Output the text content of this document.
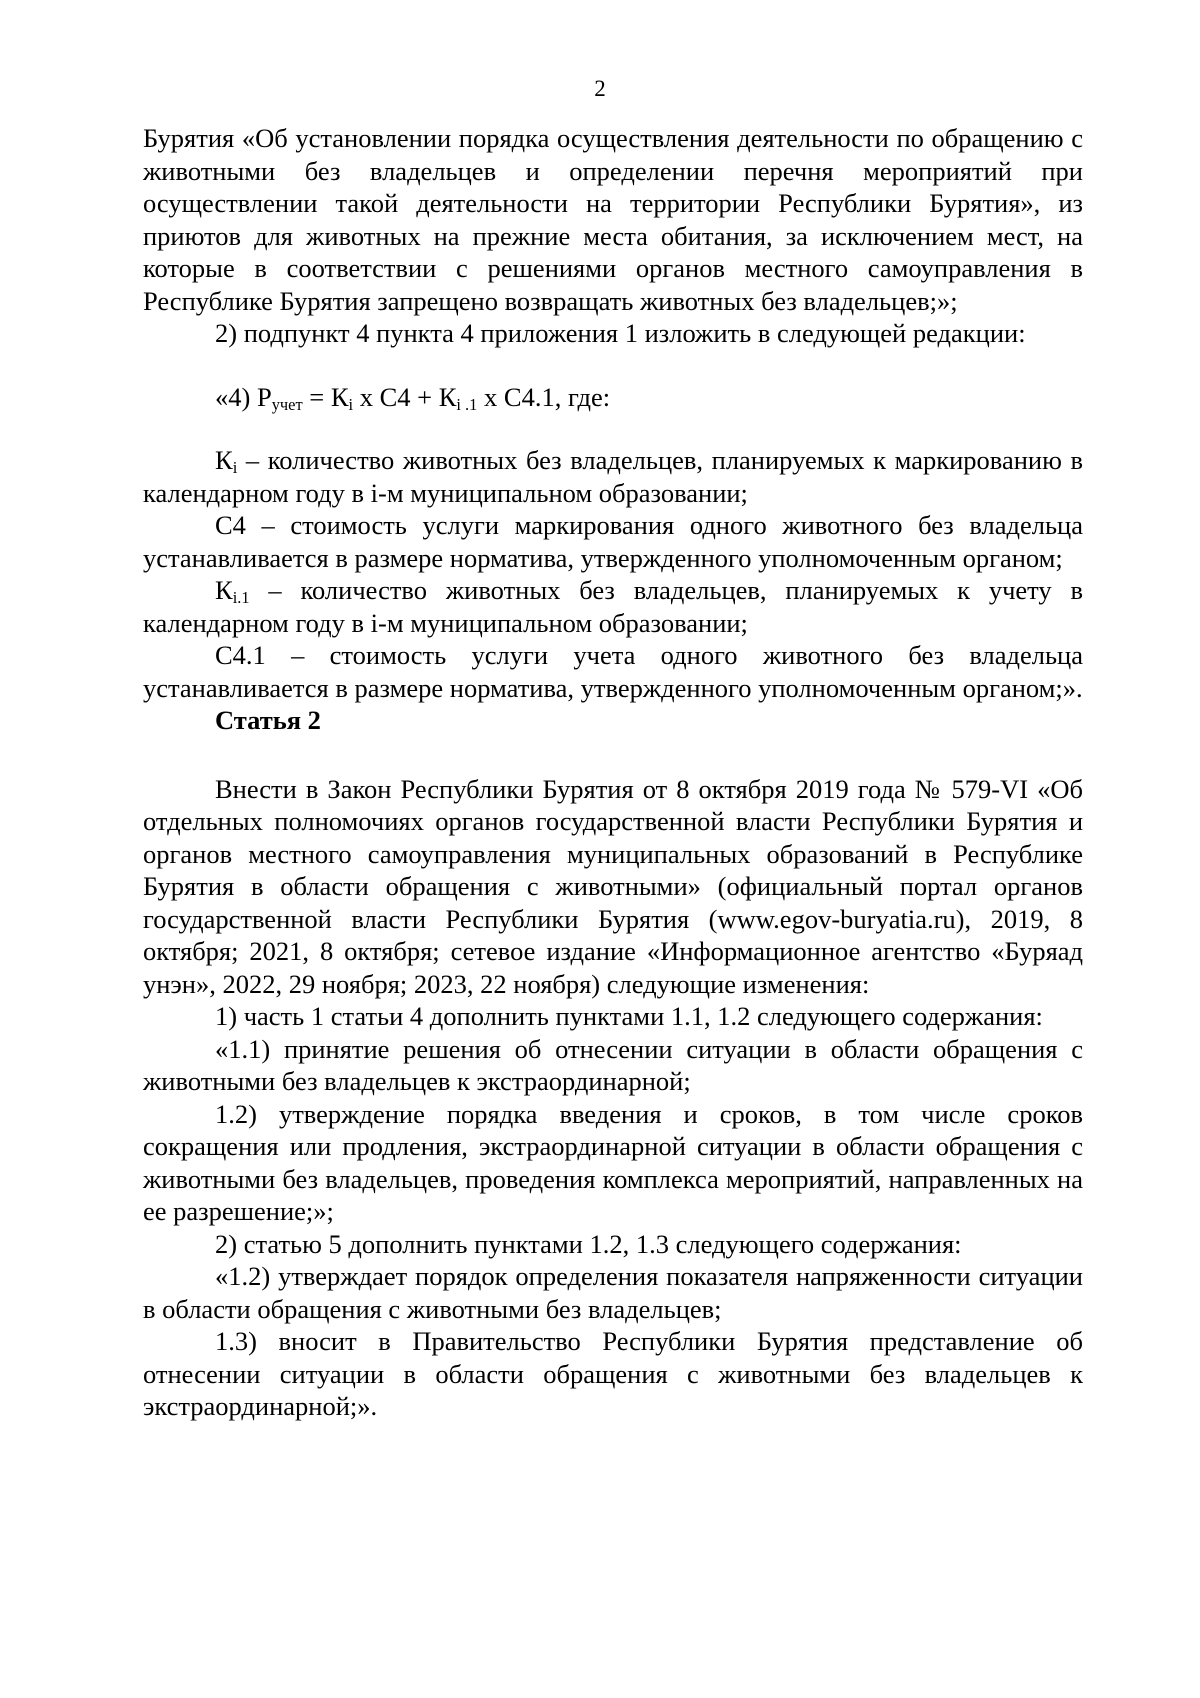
2

Бурятия «Об установлении порядка осуществления деятельности по обращению с животными без владельцев и определении перечня мероприятий при осуществлении такой деятельности на территории Республики Бурятия», из приютов для животных на прежние места обитания, за исключением мест, на которые в соответствии с решениями органов местного самоуправления в Республике Бурятия запрещено возвращать животных без владельцев;»;

2) подпункт 4 пункта 4 приложения 1 изложить в следующей редакции:

«4) $Р_{учет} = К_i$ х $С4 + К_{i .1}$ х С4.1, где:

$К_i$ – количество животных без владельцев, планируемых к маркированию в календарном году в i-м муниципальном образовании;

С4 – стоимость услуги маркирования одного животного без владельца устанавливается в размере норматива, утвержденного уполномоченным органом;

$К_{i.1}$ – количество животных без владельцев, планируемых к учету в календарном году в i-м муниципальном образовании;

С4.1 – стоимость услуги учета одного животного без владельца устанавливается в размере норматива, утвержденного уполномоченным органом;».

Статья 2

Внести в Закон Республики Бурятия от 8 октября 2019 года № 579-VI «Об отдельных полномочиях органов государственной власти Республики Бурятия и органов местного самоуправления муниципальных образований в Республике Бурятия в области обращения с животными» (официальный портал органов государственной власти Республики Бурятия (www.egov-buryatia.ru), 2019, 8 октября; 2021, 8 октября; сетевое издание «Информационное агентство «Буряад унэн», 2022, 29 ноября; 2023, 22 ноября) следующие изменения:

1) часть 1 статьи 4 дополнить пунктами 1.1, 1.2 следующего содержания:

«1.1) принятие решения об отнесении ситуации в области обращения с животными без владельцев к экстраординарной;

1.2) утверждение порядка введения и сроков, в том числе сроков сокращения или продления, экстраординарной ситуации в области обращения с животными без владельцев, проведения комплекса мероприятий, направленных на ее разрешение;»;

2) статью 5 дополнить пунктами 1.2, 1.3 следующего содержания:

«1.2) утверждает порядок определения показателя напряженности ситуации в области обращения с животными без владельцев;

1.3) вносит в Правительство Республики Бурятия представление об отнесении ситуации в области обращения с животными без владельцев к экстраординарной;».
